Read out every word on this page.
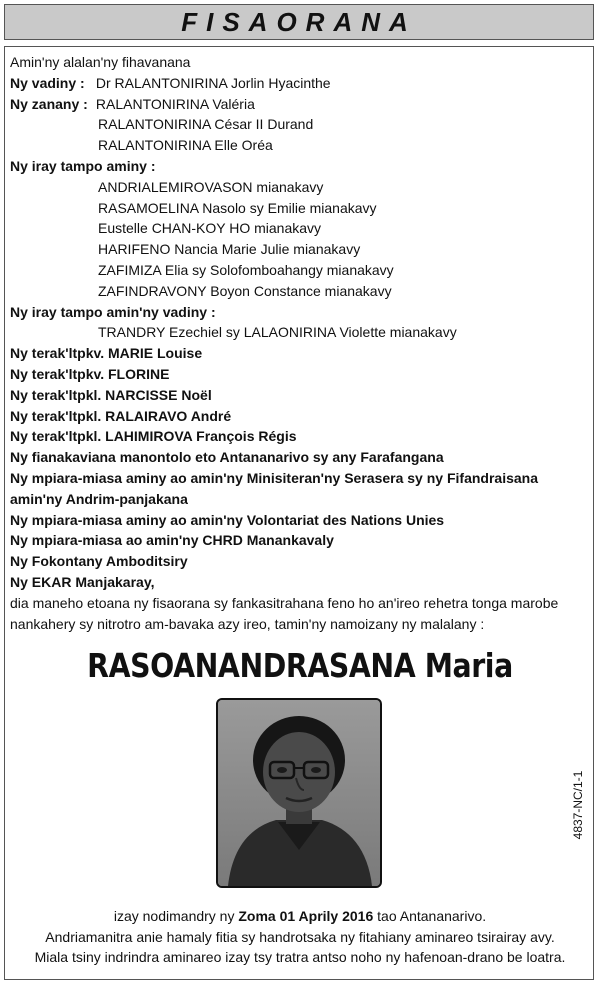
FISAORANA
Amin'ny alalan'ny fihavanana
Ny vadiny : Dr RALANTONIRINA Jorlin Hyacinthe
Ny zanany : RALANTONIRINA Valéria
RALANTONIRINA César II Durand
RALANTONIRINA Elle Oréa
Ny iray tampo aminy :
ANDRIALEMIROVASON mianakavy
RASAMOELINA Nasolo sy Emilie mianakavy
Eustelle CHAN-KOY HO mianakavy
HARIFENO Nancia Marie Julie mianakavy
ZAFIMIZA Elia sy Solofomboahangy mianakavy
ZAFINDRAVONY Boyon Constance mianakavy
Ny iray tampo amin'ny vadiny :
TRANDRY Ezechiel sy LALAONIRINA Violette mianakavy
Ny terak'ltpkv. MARIE Louise
Ny terak'ltpkv. FLORINE
Ny terak'ltpkl. NARCISSE Noël
Ny terak'ltpkl. RALAIRAVO André
Ny terak'ltpkl. LAHIMIROVA François Régis
Ny fianakaviana manontolo eto Antananarivo sy any Farafangana
Ny mpiara-miasa aminy ao amin'ny Minisiteran'ny Serasera sy ny Fifandraisana amin'ny Andrim-panjakana
Ny mpiara-miasa aminy ao amin'ny Volontariat des Nations Unies
Ny mpiara-miasa ao amin'ny CHRD Manankavaly
Ny Fokontany Amboditsiry
Ny EKAR Manjakaray,
dia maneho etoana ny fisaorana sy fankasitrahana feno ho an'ireo rehetra tonga marobe nankahery sy nitrotro am-bavaka azy ireo, tamin'ny namoizany ny malalany :
RASOANANDRASANA Maria
izay nodimandry ny Zoma 01 Aprily 2016 tao Antananarivo.
Andriamanitra anie hamaly fitia sy handrotsaka ny fitahiany aminareo tsirairay avy.
Miala tsiny indrindra aminareo izay tsy tratra antso noho ny hafenoan-drano be loatra.
4837-NC/1-1
